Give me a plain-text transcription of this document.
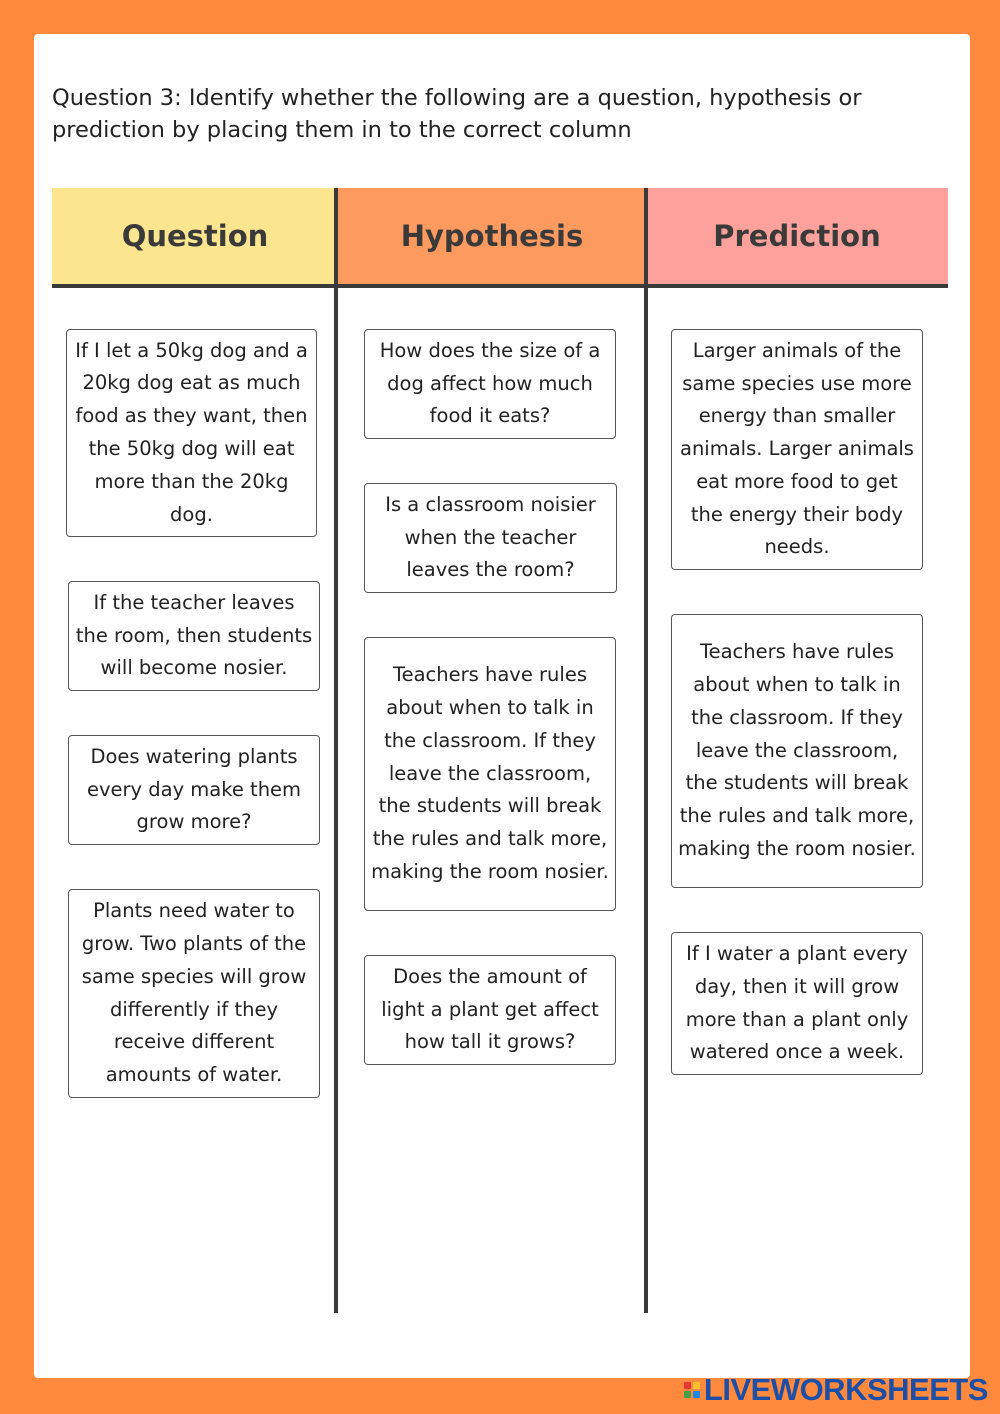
Question 3: Identify whether the following are a question, hypothesis or prediction by placing them in to the correct column

Question	Hypothesis	Prediction
If I let a 50kg dog and a 20kg dog eat as much food as they want, then the 50kg dog will eat more than the 20kg dog.
If the teacher leaves the room, then students will become nosier.
Does watering plants every day make them grow more?
Plants need water to grow. Two plants of the same species will grow differently if they receive different amounts of water.
How does the size of a dog affect how much food it eats?
Is a classroom noisier when the teacher leaves the room?
Teachers have rules about when to talk in the classroom. If they leave the classroom, the students will break the rules and talk more, making the room nosier.
Does the amount of light a plant get affect how tall it grows?
Larger animals of the same species use more energy than smaller animals. Larger animals eat more food to get the energy their body needs.
Teachers have rules about when to talk in the classroom. If they leave the classroom, the students will break the rules and talk more, making the room nosier.
If I water a plant every day, then it will grow more than a plant only watered once a week.
LIVEWORKSHEETS
